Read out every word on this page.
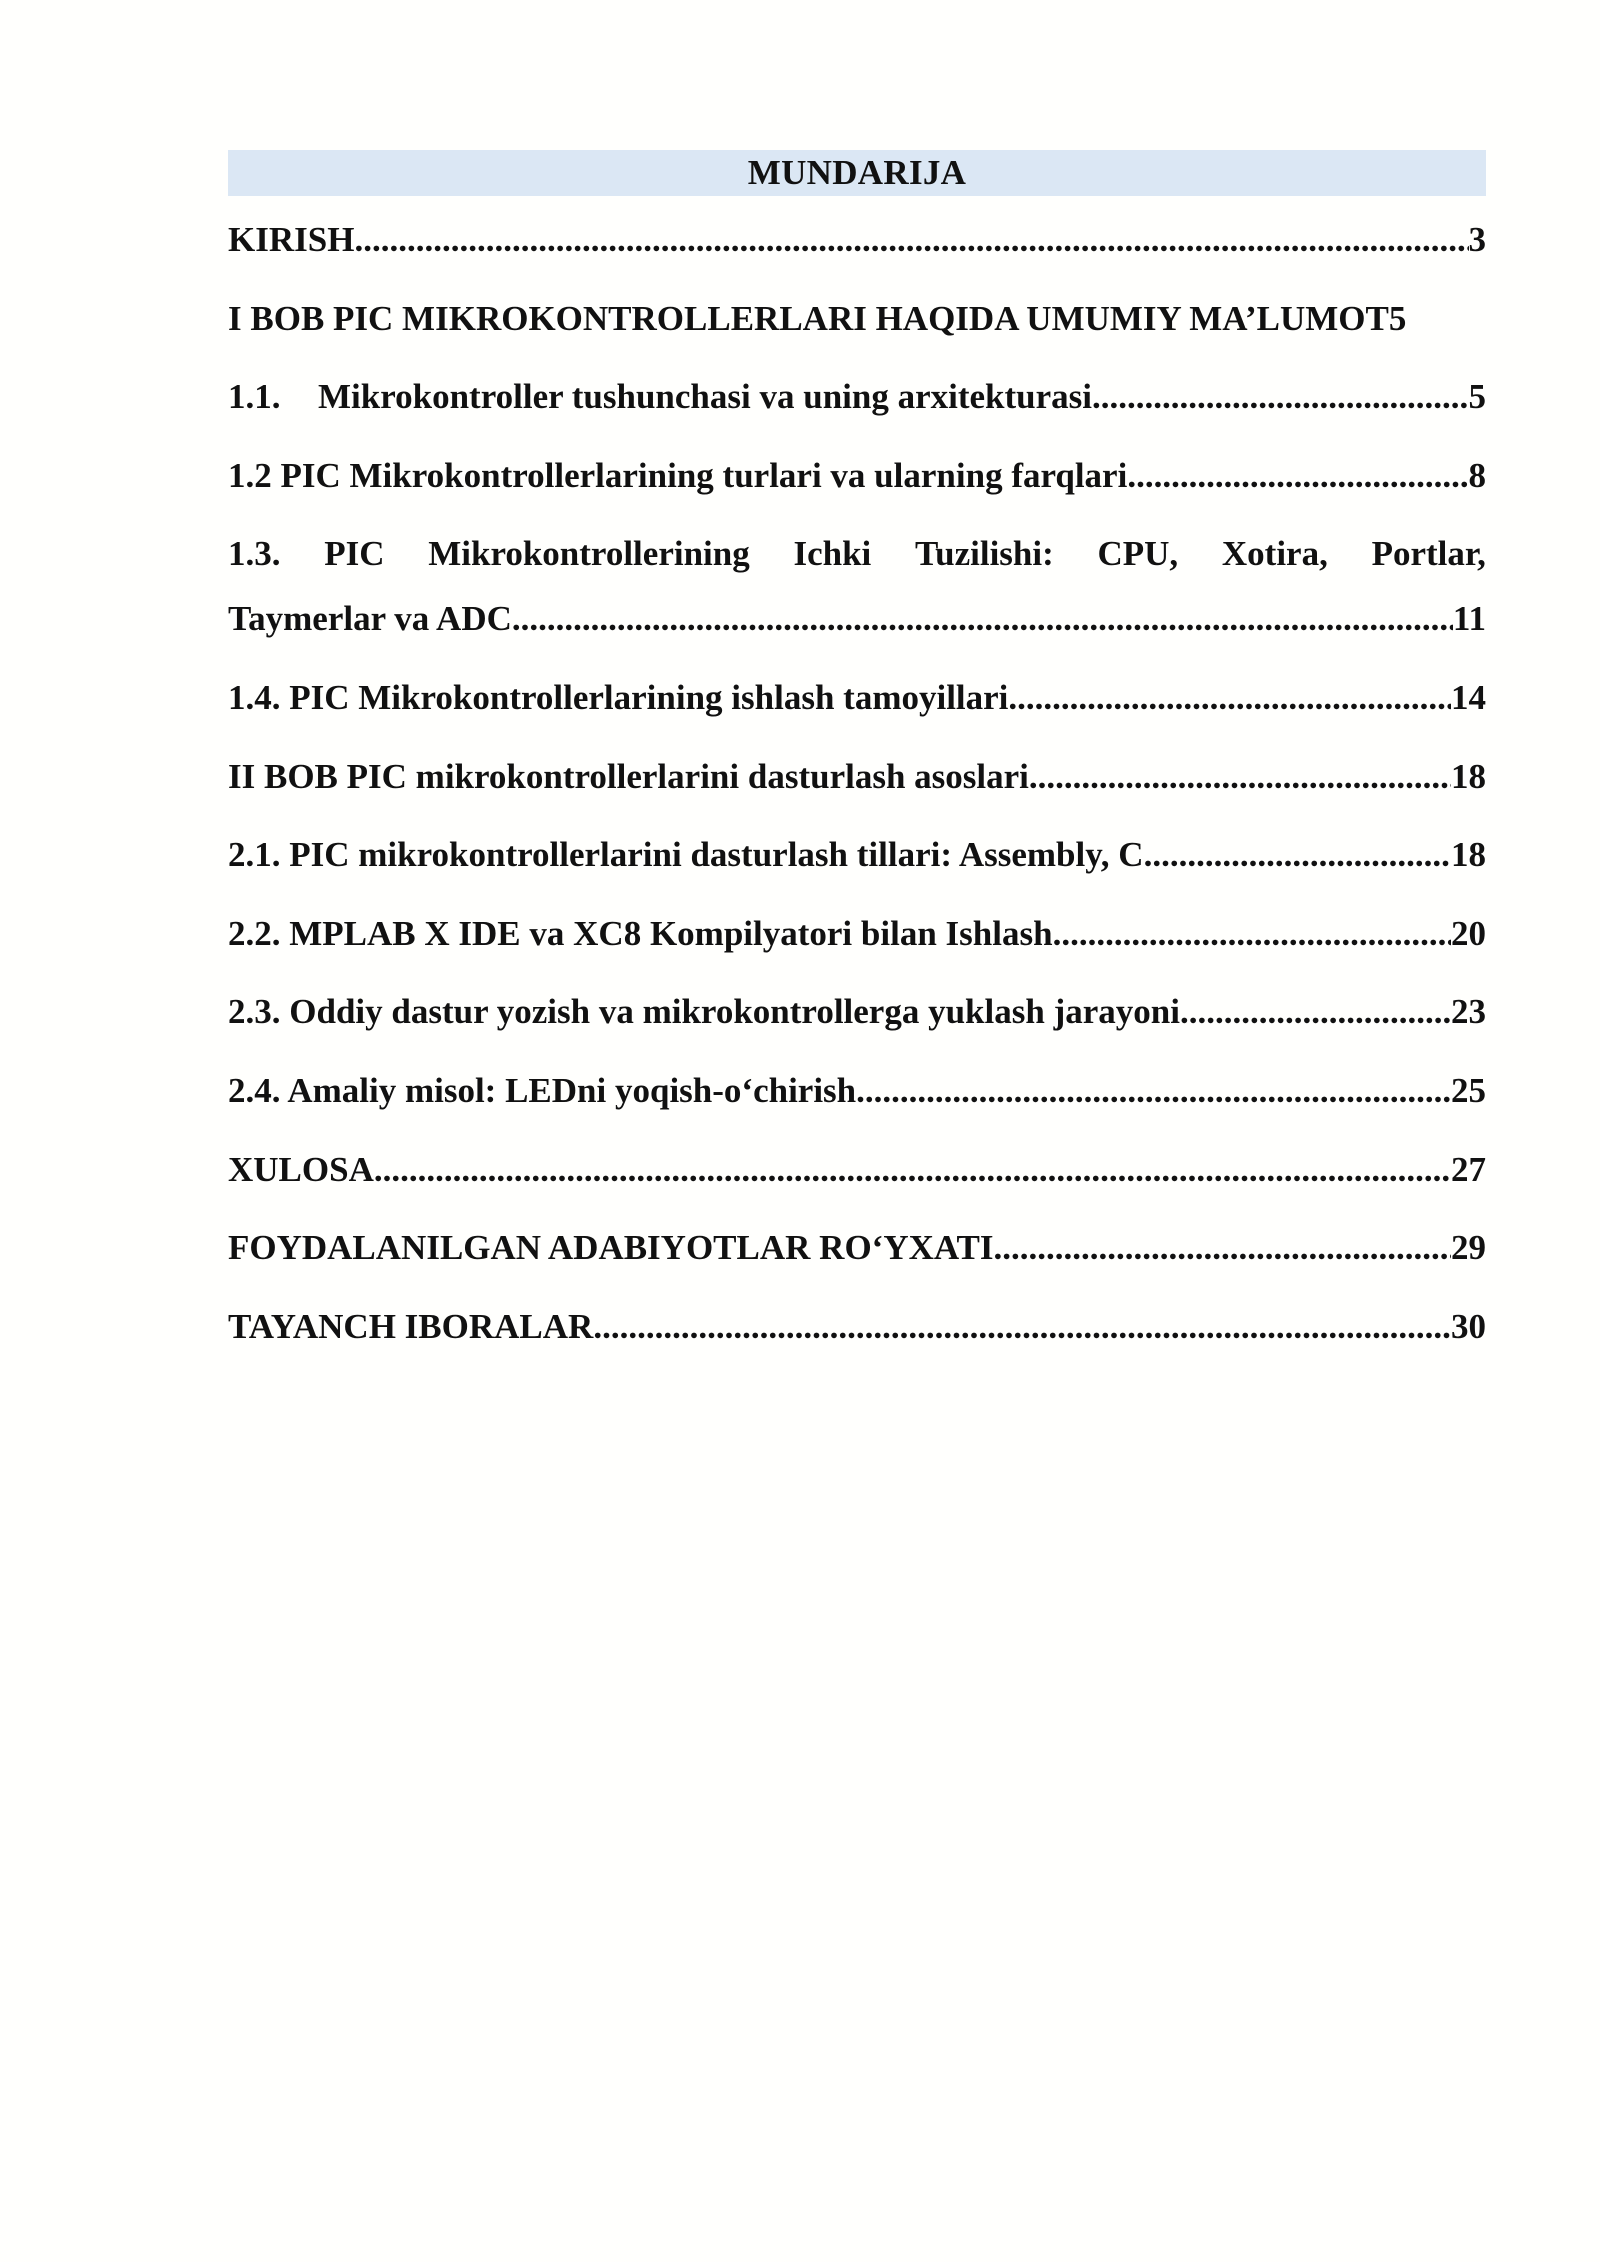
MUNDARIJA
KIRISH .....	3
I BOB PIC MIKROKONTROLLERLARI HAQIDA UMUMIY MA’LUMOT 5
1.1. Mikrokontroller tushunchasi va uning arxitekturasi .....	5
1.2 PIC Mikrokontrollerlarining turlari va ularning farqlari .....	8
1.3. PIC Mikrokontrollerining Ichki Tuzilishi: CPU, Xotira, Portlar,
Taymerlar va ADC .....	11
1.4. PIC Mikrokontrollerlarining ishlash tamoyillari .....	14
II BOB PIC mikrokontrollerlarini dasturlash asoslari .....	18
2.1. PIC mikrokontrollerlarini dasturlash tillari: Assembly, C .....	18
2.2. MPLAB X IDE va XC8 Kompilyatori bilan Ishlash .....	20
2.3. Oddiy dastur yozish va mikrokontrollerga yuklash jarayoni .....	23
2.4. Amaliy misol: LEDni yoqish-o‘chirish .....	25
XULOSA .....	27
FOYDALANILGAN ADABIYOTLAR RO‘YXATI .....	29
TAYANCH IBORALAR .....	30
